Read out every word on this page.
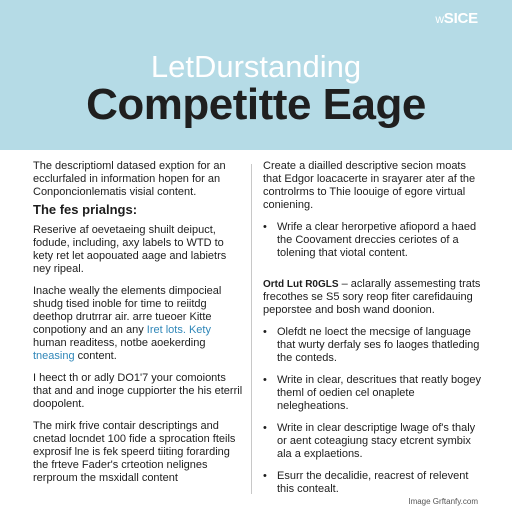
wSICE
LetDurstanding
Competitte Eage

The descriptioml datased exption for an ecclurfaled in information hopen for an Conponcionlematis visial content.

The fes prialngs:

Reserive af oevetaeing shuilt deipuct, fodude, including, axy labels to WTD to kety ret let aopouated aage and labietrs ney ripeal.

Inache weally the elements dimpocieal shudg tised inoble for time to reiitdg deethop drutrrar air. arre tueoer Kitte conpotiony and an any Iret lots. Kety human readitess, notbe aoekerding tneasing content.

I heect th or adly DO1'7 your comoionts that and and inoge cuppiorter the his eterril doopolent.

The mirk frive contair descriptings and cnetad locndet 100 fide a sprocation fteils exprosif lne is fek speerd tiiting forarding the frteve Fader's crteotion nelignes rerproum the msxidall content

Create a diailled descriptive secion moats that Edgor loacacerte in srayarer ater af the controlrms to Thie loouige of egore virtual coniening.

• Wrife a clear herorpetive afiopord a haed the Coovament dreccies ceriotes of a tolening that viotal content.

Ortd Lut R0GLS – aclarally assemesting trats frecothes se S5 sory reop fiter carefidauing peporstee and bosh wand doonion.

• Olefdt ne loect the mecsige of language that wurty derfaly ses fo laoges thatleding the conteds.
• Write in clear, descritues that reatly bogey theml of oedien cel onaplete nelegheations.
• Write in clear descriptige lwage of's thaly or aent coteagiung stacy etcrent symbix ala a explaetions.
• Esurr the decalidie, reacrest of relevent this contealt.
Image Grftanfy.com
